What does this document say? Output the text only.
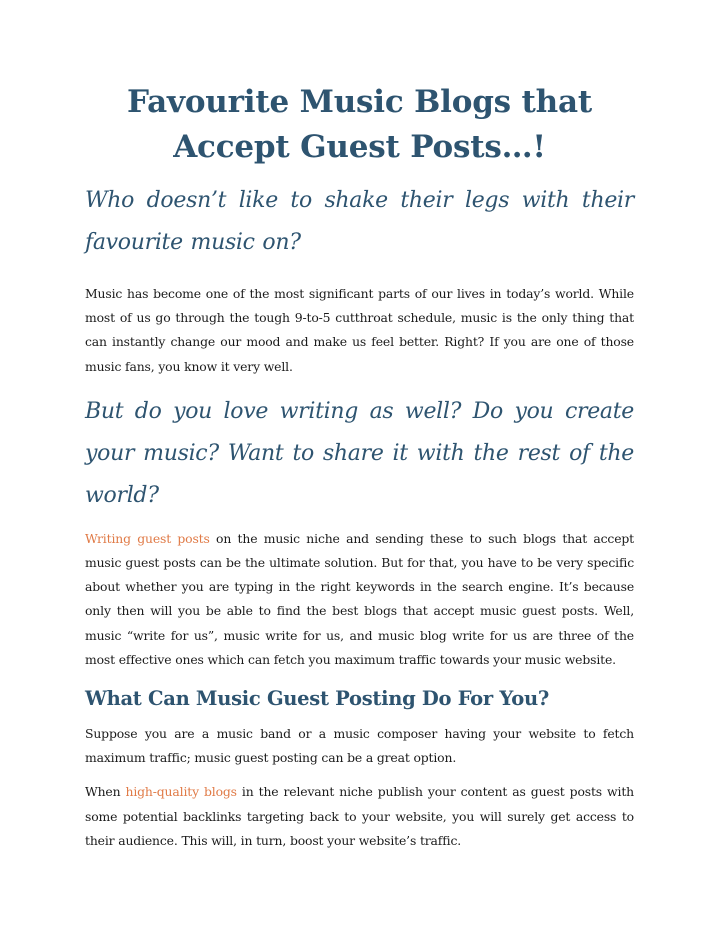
Favourite Music Blogs that
Accept Guest Posts…!

Who doesn’t like to shake their legs with their
favourite music on?

Music has become one of the most significant parts of our lives in today’s world. While most of us go through the tough 9-to-5 cutthroat schedule, music is the only thing that can instantly change our mood and make us feel better. Right? If you are one of those music fans, you know it very well.

But do you love writing as well? Do you create your music? Want to share it with the rest of the world?

Writing guest posts on the music niche and sending these to such blogs that accept music guest posts can be the ultimate solution. But for that, you have to be very specific about whether you are typing in the right keywords in the search engine. It’s because only then will you be able to find the best blogs that accept music guest posts. Well, music “write for us”, music write for us, and music blog write for us are three of the most effective ones which can fetch you maximum traffic towards your music website.

What Can Music Guest Posting Do For You?

Suppose you are a music band or a music composer having your website to fetch maximum traffic; music guest posting can be a great option.

When high-quality blogs in the relevant niche publish your content as guest posts with some potential backlinks targeting back to your website, you will surely get access to their audience. This will, in turn, boost your website’s traffic.
